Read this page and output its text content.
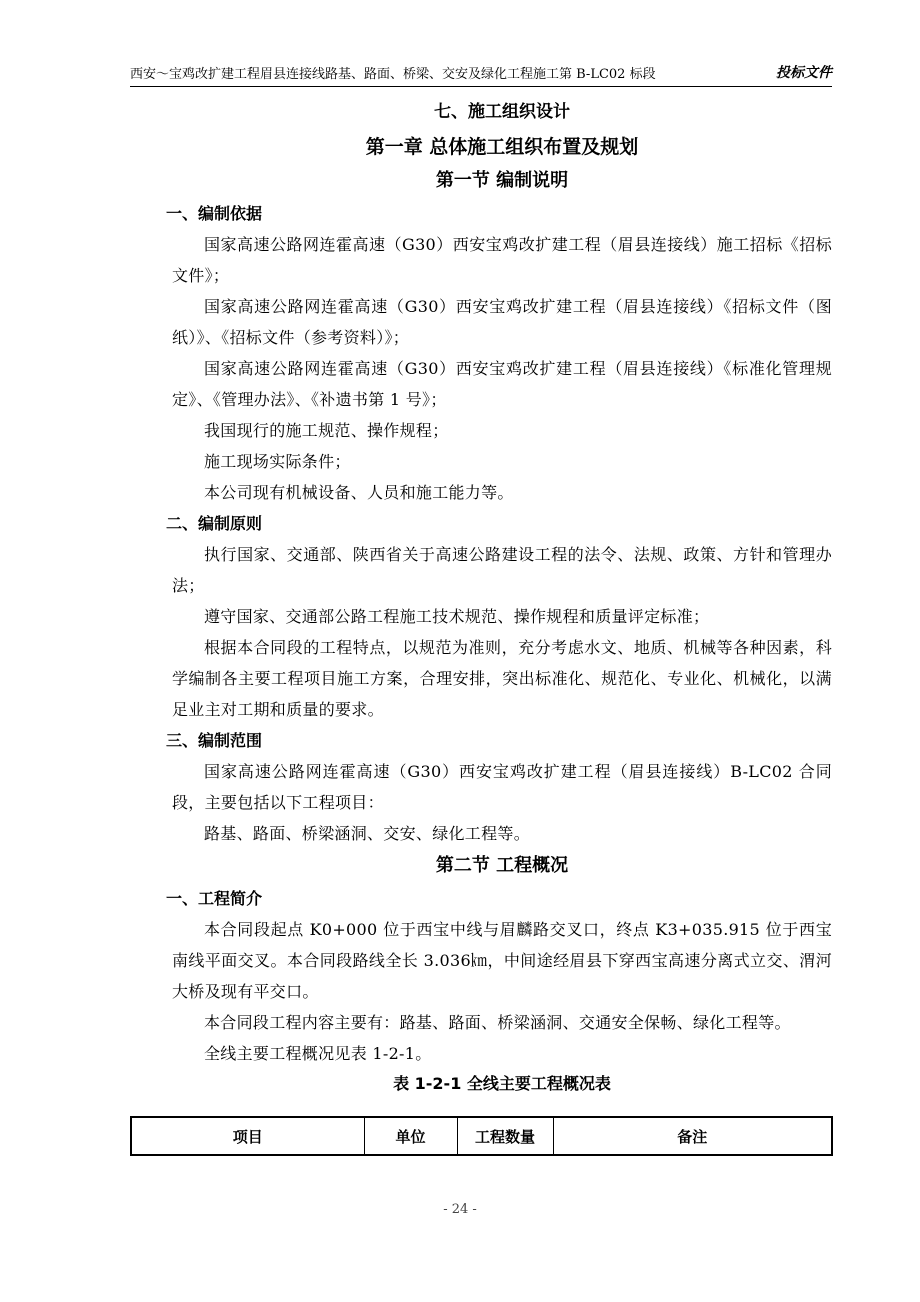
西安～宝鸡改扩建工程眉县连接线路基、路面、桥梁、交安及绿化工程施工第 B-LC02 标段	投标文件
七、施工组织设计
第一章 总体施工组织布置及规划
第一节 编制说明
一、编制依据
国家高速公路网连霍高速（G30）西安宝鸡改扩建工程（眉县连接线）施工招标《招标文件》；
国家高速公路网连霍高速（G30）西安宝鸡改扩建工程（眉县连接线）《招标文件（图纸）》、《招标文件（参考资料）》；
国家高速公路网连霍高速（G30）西安宝鸡改扩建工程（眉县连接线）《标准化管理规定》、《管理办法》、《补遗书第 1 号》；
我国现行的施工规范、操作规程；
施工现场实际条件；
本公司现有机械设备、人员和施工能力等。
二、编制原则
执行国家、交通部、陕西省关于高速公路建设工程的法令、法规、政策、方针和管理办法；
遵守国家、交通部公路工程施工技术规范、操作规程和质量评定标准；
根据本合同段的工程特点，以规范为准则，充分考虑水文、地质、机械等各种因素，科学编制各主要工程项目施工方案，合理安排，突出标准化、规范化、专业化、机械化，以满足业主对工期和质量的要求。
三、编制范围
国家高速公路网连霍高速（G30）西安宝鸡改扩建工程（眉县连接线）B-LC02 合同段，主要包括以下工程项目：
路基、路面、桥梁涵洞、交安、绿化工程等。
第二节 工程概况
一、工程简介
本合同段起点 K0+000 位于西宝中线与眉麟路交叉口，终点 K3+035.915 位于西宝南线平面交叉。本合同段路线全长 3.036㎞，中间途经眉县下穿西宝高速分离式立交、渭河大桥及现有平交口。
本合同段工程内容主要有：路基、路面、桥梁涵洞、交通安全保畅、绿化工程等。
全线主要工程概况见表 1-2-1。
表 1-2-1 全线主要工程概况表
项目	单位	工程数量	备注
- 24 -
